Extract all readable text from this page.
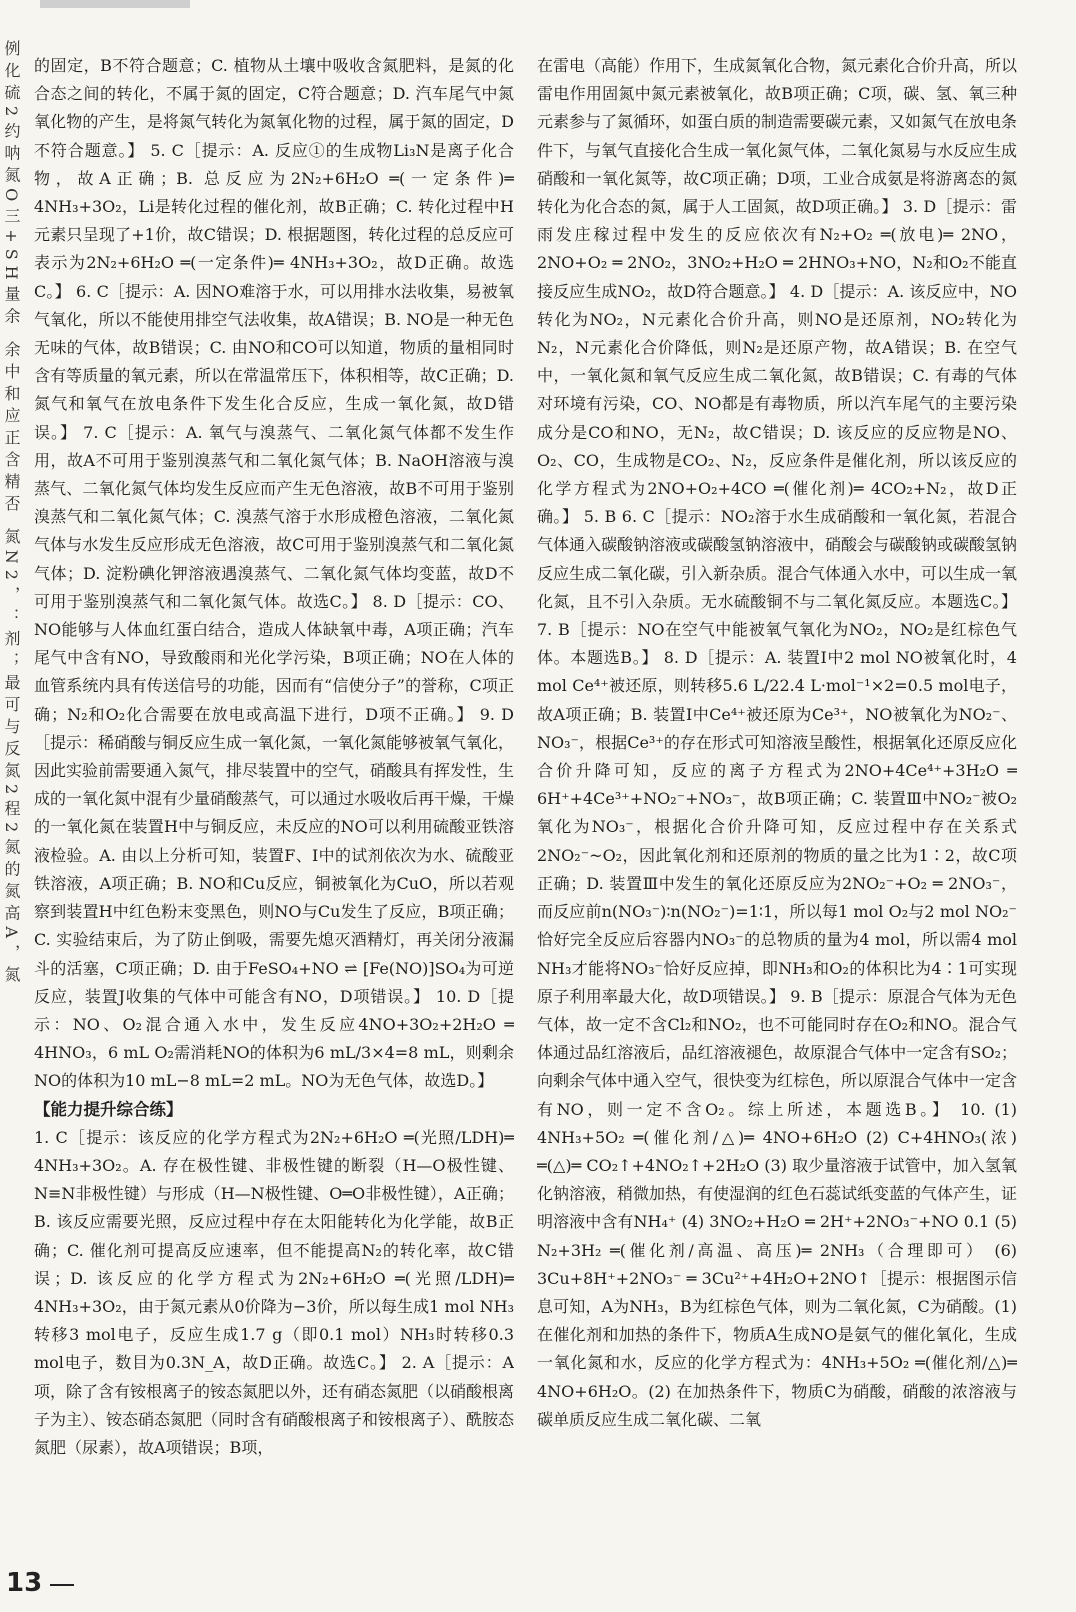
例化硫2约呐氮O三+SH量余 余中和应正含精否 氮N2，：剂；最可与反氮2程2氮的氮高A，氮 的固定，B不符合题意；C. 植物从土壤中吸收含氮肥料，是氮的化合态之间的转化，不属于氮的固定，C符合题意；D. 汽车尾气中氮氧化物的产生，是将氮气转化为氮氧化物的过程，属于氮的固定，D不符合题意。】 5. C［提示：A. 反应①的生成物Li₃N是离子化合物，故A正确；B. 总反应为2N₂+6H₂O ═(一定条件)═ 4NH₃+3O₂，Li是转化过程的催化剂，故B正确；C. 转化过程中H元素只呈现了+1价，故C错误；D. 根据题图，转化过程的总反应可表示为2N₂+6H₂O ═(一定条件)═ 4NH₃+3O₂，故D正确。故选C。】 6. C［提示：A. 因NO难溶于水，可以用排水法收集，易被氧气氧化，所以不能使用排空气法收集，故A错误；B. NO是一种无色无味的气体，故B错误；C. 由NO和CO可以知道，物质的量相同时含有等质量的氧元素，所以在常温常压下，体积相等，故C正确；D. 氮气和氧气在放电条件下发生化合反应，生成一氧化氮，故D错误。】 7. C［提示：A. 氧气与溴蒸气、二氧化氮气体都不发生作用，故A不可用于鉴别溴蒸气和二氧化氮气体；B. NaOH溶液与溴蒸气、二氧化氮气体均发生反应而产生无色溶液，故B不可用于鉴别溴蒸气和二氧化氮气体；C. 溴蒸气溶于水形成橙色溶液，二氧化氮气体与水发生反应形成无色溶液，故C可用于鉴别溴蒸气和二氧化氮气体；D. 淀粉碘化钾溶液遇溴蒸气、二氧化氮气体均变蓝，故D不可用于鉴别溴蒸气和二氧化氮气体。故选C。】 8. D［提示：CO、NO能够与人体血红蛋白结合，造成人体缺氧中毒，A项正确；汽车尾气中含有NO，导致酸雨和光化学污染，B项正确；NO在人体的血管系统内具有传送信号的功能，因而有“信使分子”的誉称，C项正确；N₂和O₂化合需要在放电或高温下进行，D项不正确。】 9. D［提示：稀硝酸与铜反应生成一氧化氮，一氧化氮能够被氧气氧化，因此实验前需要通入氮气，排尽装置中的空气，硝酸具有挥发性，生成的一氧化氮中混有少量硝酸蒸气，可以通过水吸收后再干燥，干燥的一氧化氮在装置H中与铜反应，未反应的NO可以利用硫酸亚铁溶液检验。A. 由以上分析可知，装置F、I中的试剂依次为水、硫酸亚铁溶液，A项正确；B. NO和Cu反应，铜被氧化为CuO，所以若观察到装置H中红色粉末变黑色，则NO与Cu发生了反应，B项正确；C. 实验结束后，为了防止倒吸，需要先熄灭酒精灯，再关闭分液漏斗的活塞，C项正确；D. 由于FeSO₄+NO ⇌ [Fe(NO)]SO₄为可逆反应，装置J收集的气体中可能含有NO，D项错误。】 10. D［提示：NO、O₂混合通入水中，发生反应4NO+3O₂+2H₂O ═ 4HNO₃，6 mL O₂需消耗NO的体积为6 mL/3×4=8 mL，则剩余NO的体积为10 mL−8 mL=2 mL。NO为无色气体，故选D。】

【能力提升综合练】

1. C［提示：该反应的化学方程式为2N₂+6H₂O ═(光照/LDH)═ 4NH₃+3O₂。A. 存在极性键、非极性键的断裂（H—O极性键、N≡N非极性键）与形成（H—N极性键、O═O非极性键），A正确；B. 该反应需要光照，反应过程中存在太阳能转化为化学能，故B正确；C. 催化剂可提高反应速率，但不能提高N₂的转化率，故C错误；D. 该反应的化学方程式为2N₂+6H₂O ═(光照/LDH)═ 4NH₃+3O₂，由于氮元素从0价降为−3价，所以每生成1 mol NH₃转移3 mol电子，反应生成1.7 g（即0.1 mol）NH₃时转移0.3 mol电子，数目为0.3N_A，故D正确。故选C。】 2. A［提示：A项，除了含有铵根离子的铵态氮肥以外，还有硝态氮肥（以硝酸根离子为主）、铵态硝态氮肥（同时含有硝酸根离子和铵根离子）、酰胺态氮肥（尿素），故A项错误；B项，

在雷电（高能）作用下，生成氮氧化合物，氮元素化合价升高，所以雷电作用固氮中氮元素被氧化，故B项正确；C项，碳、氢、氧三种元素参与了氮循环，如蛋白质的制造需要碳元素，又如氮气在放电条件下，与氧气直接化合生成一氧化氮气体，二氧化氮易与水反应生成硝酸和一氧化氮等，故C项正确；D项，工业合成氨是将游离态的氮转化为化合态的氮，属于人工固氮，故D项正确。】 3. D［提示：雷雨发庄稼过程中发生的反应依次有N₂+O₂ ═(放电)═ 2NO，2NO+O₂ ═ 2NO₂，3NO₂+H₂O ═ 2HNO₃+NO，N₂和O₂不能直接反应生成NO₂，故D符合题意。】 4. D［提示：A. 该反应中，NO转化为NO₂，N元素化合价升高，则NO是还原剂，NO₂转化为N₂，N元素化合价降低，则N₂是还原产物，故A错误；B. 在空气中，一氧化氮和氧气反应生成二氧化氮，故B错误；C. 有毒的气体对环境有污染，CO、NO都是有毒物质，所以汽车尾气的主要污染成分是CO和NO，无N₂，故C错误；D. 该反应的反应物是NO、O₂、CO，生成物是CO₂、N₂，反应条件是催化剂，所以该反应的化学方程式为2NO+O₂+4CO ═(催化剂)═ 4CO₂+N₂，故D正确。】 5. B 6. C［提示：NO₂溶于水生成硝酸和一氧化氮，若混合气体通入碳酸钠溶液或碳酸氢钠溶液中，硝酸会与碳酸钠或碳酸氢钠反应生成二氧化碳，引入新杂质。混合气体通入水中，可以生成一氧化氮，且不引入杂质。无水硫酸铜不与二氧化氮反应。本题选C。】 7. B［提示：NO在空气中能被氧气氧化为NO₂，NO₂是红棕色气体。本题选B。】 8. D［提示：A. 装置Ⅰ中2 mol NO被氧化时，4 mol Ce⁴⁺被还原，则转移5.6 L/22.4 L·mol⁻¹×2=0.5 mol电子，故A项正确；B. 装置Ⅰ中Ce⁴⁺被还原为Ce³⁺，NO被氧化为NO₂⁻、NO₃⁻，根据Ce³⁺的存在形式可知溶液呈酸性，根据氧化还原反应化合价升降可知，反应的离子方程式为2NO+4Ce⁴⁺+3H₂O ═ 6H⁺+4Ce³⁺+NO₂⁻+NO₃⁻，故B项正确；C. 装置Ⅲ中NO₂⁻被O₂氧化为NO₃⁻，根据化合价升降可知，反应过程中存在关系式2NO₂⁻~O₂，因此氧化剂和还原剂的物质的量之比为1∶2，故C项正确；D. 装置Ⅲ中发生的氧化还原反应为2NO₂⁻+O₂ ═ 2NO₃⁻，而反应前n(NO₃⁻)∶n(NO₂⁻)=1∶1，所以每1 mol O₂与2 mol NO₂⁻恰好完全反应后容器内NO₃⁻的总物质的量为4 mol，所以需4 mol NH₃才能将NO₃⁻恰好反应掉，即NH₃和O₂的体积比为4∶1可实现原子利用率最大化，故D项错误。】 9. B［提示：原混合气体为无色气体，故一定不含Cl₂和NO₂，也不可能同时存在O₂和NO。混合气体通过品红溶液后，品红溶液褪色，故原混合气体中一定含有SO₂；向剩余气体中通入空气，很快变为红棕色，所以原混合气体中一定含有NO，则一定不含O₂。综上所述，本题选B。】 10. (1) 4NH₃+5O₂ ═(催化剂/△)═ 4NO+6H₂O (2) C+4HNO₃(浓) ═(△)═ CO₂↑+4NO₂↑+2H₂O (3) 取少量溶液于试管中，加入氢氧化钠溶液，稍微加热，有使湿润的红色石蕊试纸变蓝的气体产生，证明溶液中含有NH₄⁺ (4) 3NO₂+H₂O ═ 2H⁺+2NO₃⁻+NO 0.1 (5) N₂+3H₂ ═(催化剂/高温、高压)═ 2NH₃（合理即可） (6) 3Cu+8H⁺+2NO₃⁻ ═ 3Cu²⁺+4H₂O+2NO↑［提示：根据图示信息可知，A为NH₃，B为红棕色气体，则为二氧化氮，C为硝酸。(1) 在催化剂和加热的条件下，物质A生成NO是氨气的催化氧化，生成一氧化氮和水，反应的化学方程式为：4NH₃+5O₂ ═(催化剂/△)═ 4NO+6H₂O。(2) 在加热条件下，物质C为硝酸，硝酸的浓溶液与碳单质反应生成二氧化碳、二氧

13
